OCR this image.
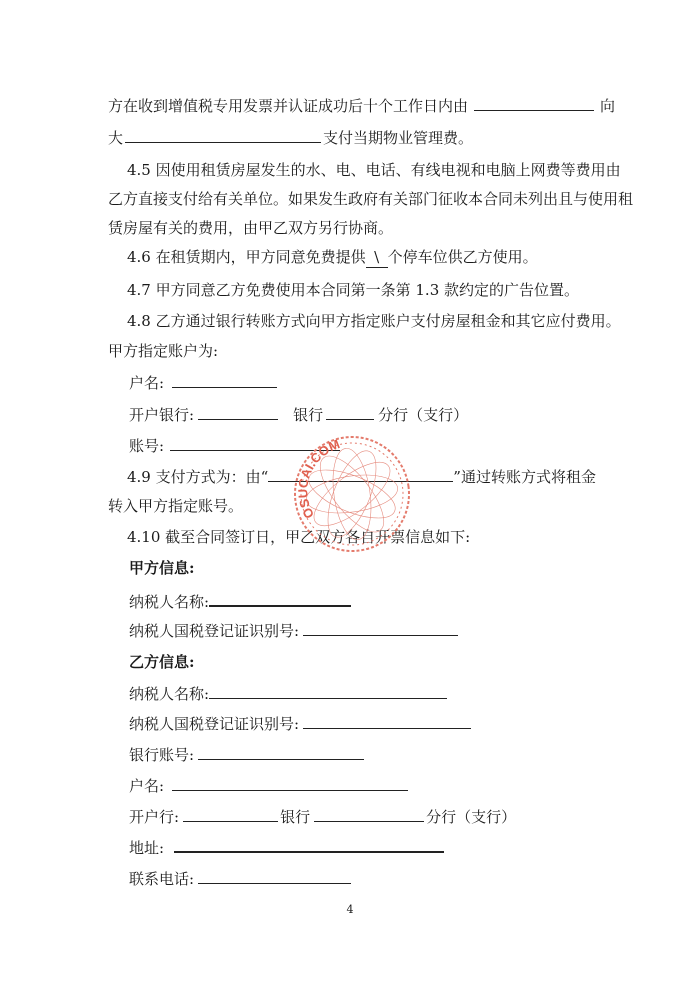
方在收到增值税专用发票并认证成功后十个工作日内由	向
大	支付当期物业管理费。
4.5 因使用租赁房屋发生的水、电、电话、有线电视和电脑上网费等费用由
乙方直接支付给有关单位。如果发生政府有关部门征收本合同未列出且与使用租
赁房屋有关的费用，由甲乙双方另行协商。
4.6 在租赁期内，甲方同意免费提供 \ 个停车位供乙方使用。
4.7 甲方同意乙方免费使用本合同第一条第 1.3 款约定的广告位置。
4.8 乙方通过银行转账方式向甲方指定账户支付房屋租金和其它应付费用。
甲方指定账户为:
户名:
开户银行:	银行	分行（支行）
账号:
4.9 支付方式为：由“	”通过转账方式将租金
转入甲方指定账号。
4.10 截至合同签订日，甲乙双方各自开票信息如下:
甲方信息:
纳税人名称:
纳税人国税登记证识别号:
乙方信息:
纳税人名称:
纳税人国税登记证识别号:
银行账号:
户名:
开户行:	银行	分行（支行）
地址:
联系电话:
4
OSUCAI.COM
